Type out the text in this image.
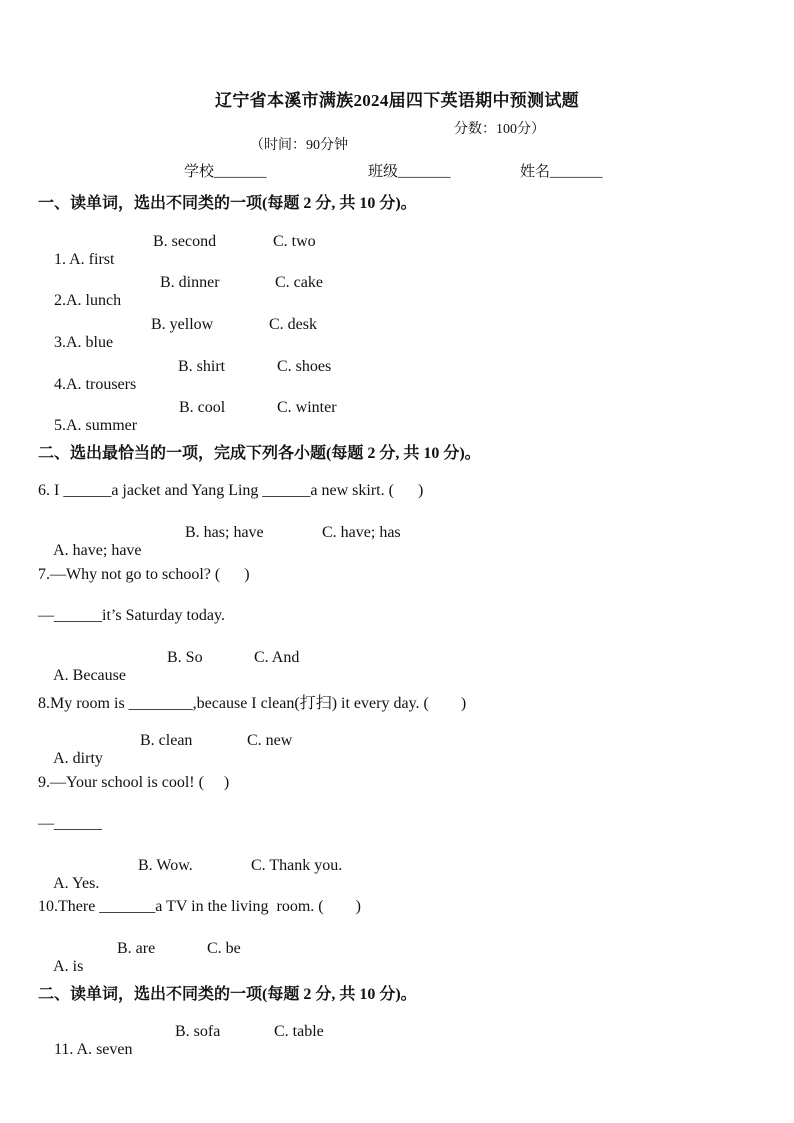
辽宁省本溪市满族2024届四下英语期中预测试题

（时间：90分钟

分数：100分）

学校_______	班级_______	姓名_______
一、读单词，选出不同类的一项(每题 2 分, 共 10 分)。

1. A. first

B. second

	C. two

2.A. lunch

B. dinner

	C. cake

3.A. blue

B. yellow

	C. desk

4.A. trousers

B. shirt

	C. shoes

5.A. summer

B. cool

	C. winter

二、选出最恰当的一项，完成下列各小题(每题 2 分, 共 10 分)。
6. I ______a jacket and Yang Ling ______a new skirt. (      )

A. have; have

B. has; have

	C. have; has

7.—Why not go to school? (      )
—______it’s Saturday today.

A. Because

B. So

	C. And

8.My room is ________,because I clean(打扫) it every day. (        )

A. dirty

B. clean

	C. new

9.—Your school is cool! (     )
—______

A. Yes.

B. Wow.

	C. Thank you.

10.There _______a TV in the living  room. (        )

A. is

B. are

	C. be

二、读单词，选出不同类的一项(每题 2 分, 共 10 分)。

11. A. seven

B. sofa

	C. table
